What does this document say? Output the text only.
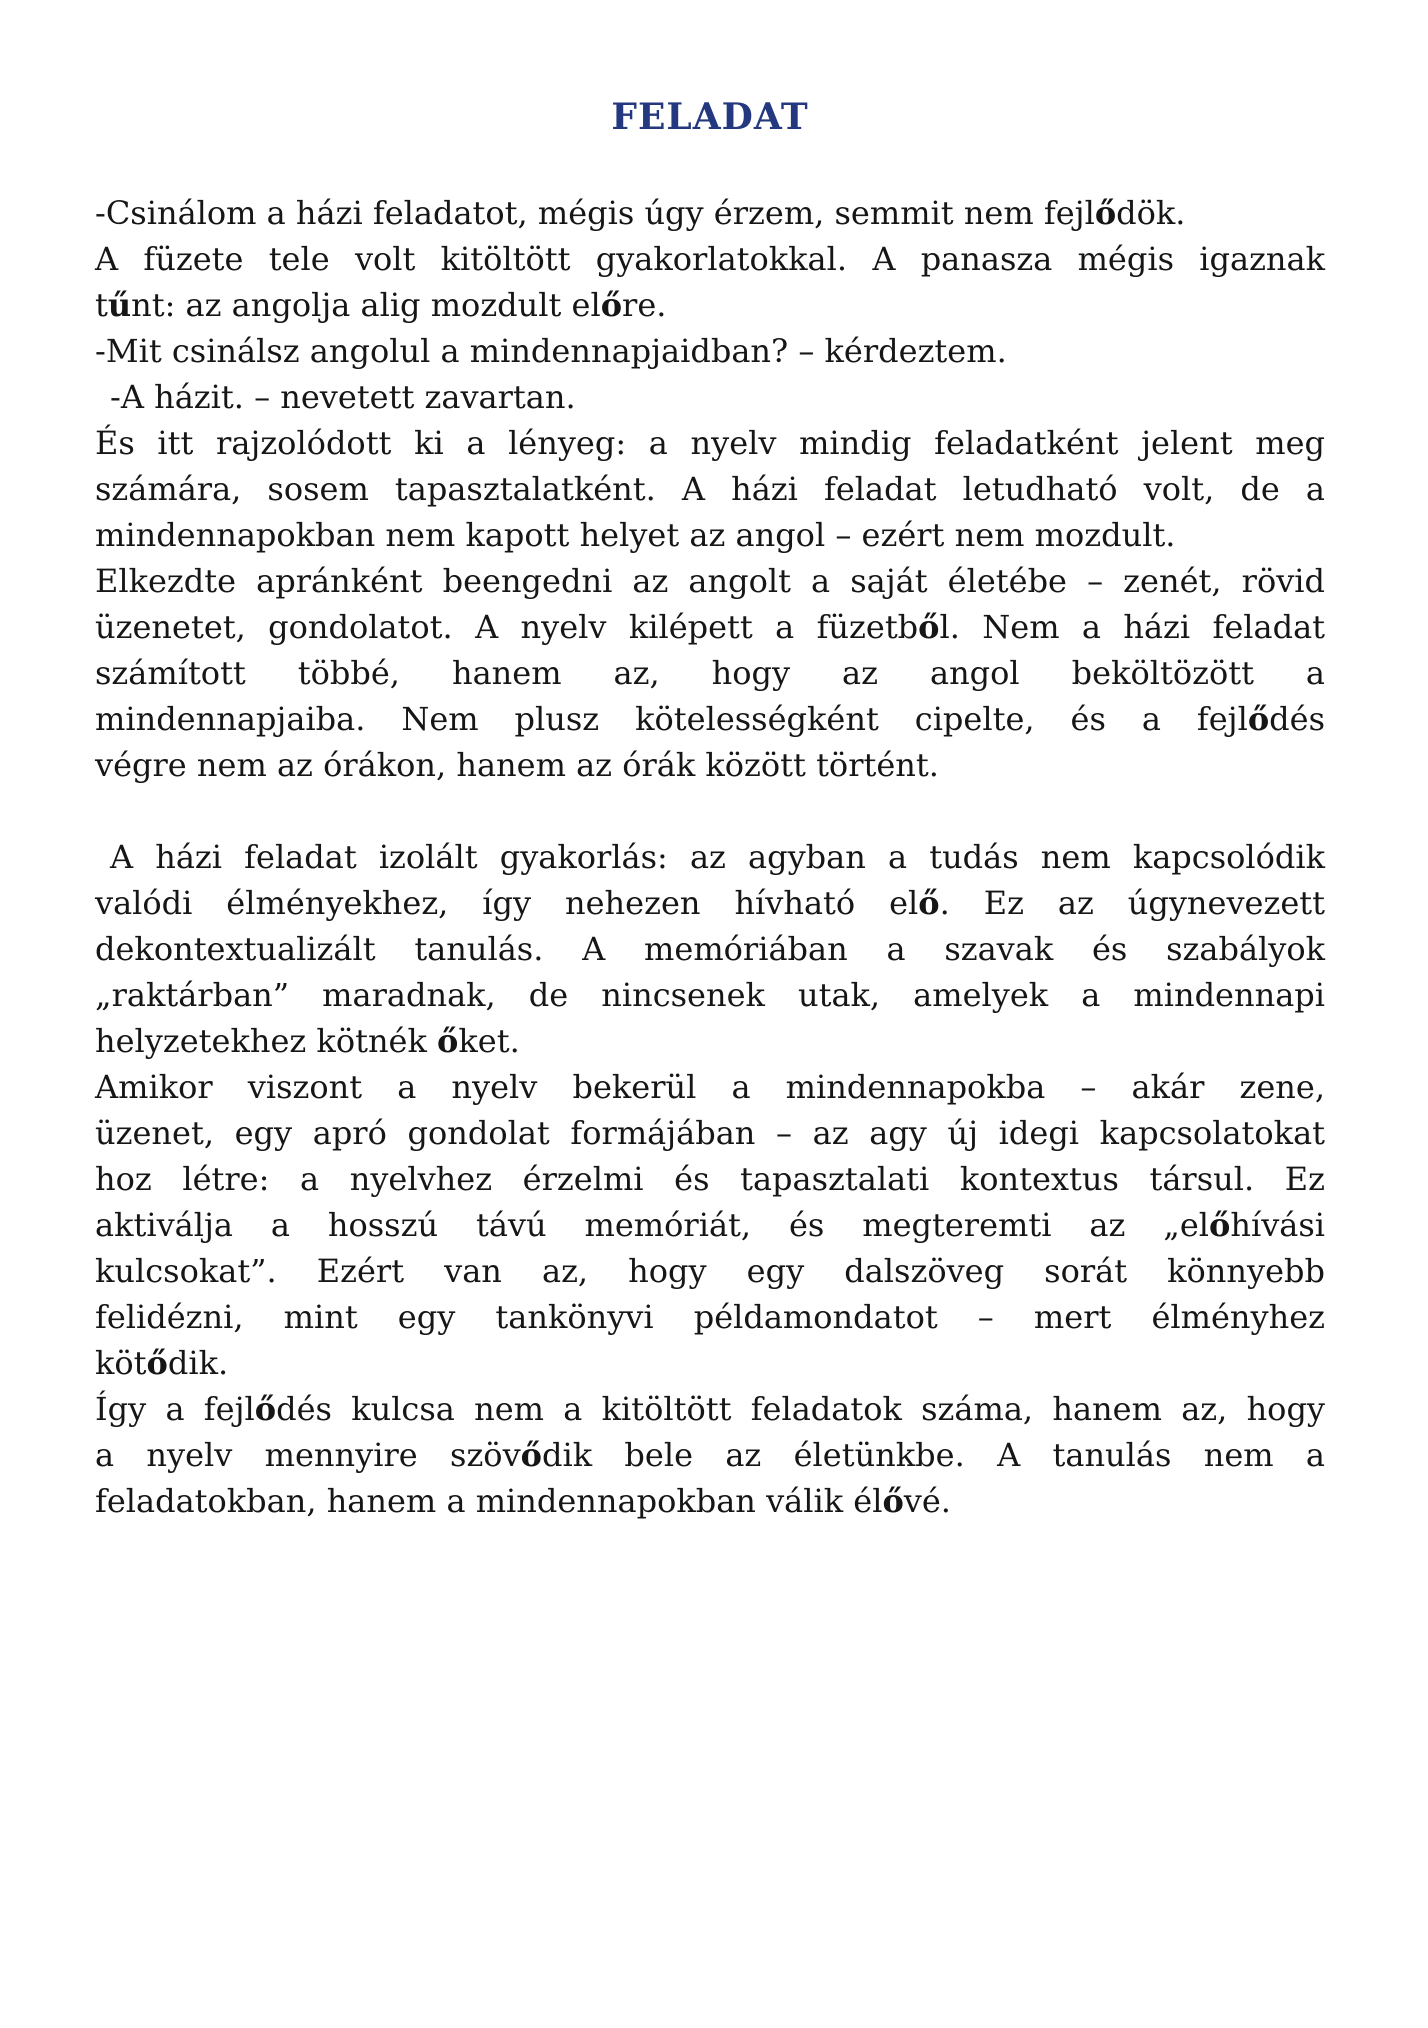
FELADAT
-Csinálom a házi feladatot, mégis úgy érzem, semmit nem fejlődök.
A füzete tele volt kitöltött gyakorlatokkal. A panasza mégis igaznak
tűnt: az angolja alig mozdult előre.
-Mit csinálsz angolul a mindennapjaidban? – kérdeztem.
-A házit. – nevetett zavartan.
És itt rajzolódott ki a lényeg: a nyelv mindig feladatként jelent meg
számára, sosem tapasztalatként. A házi feladat letudható volt, de a
mindennapokban nem kapott helyet az angol – ezért nem mozdult.
Elkezdte apránként beengedni az angolt a saját életébe – zenét, rövid
üzenetet, gondolatot. A nyelv kilépett a füzetből. Nem a házi feladat
számított többé, hanem az, hogy az angol beköltözött a
mindennapjaiba. Nem plusz kötelességként cipelte, és a fejlődés
végre nem az órákon, hanem az órák között történt.
A házi feladat izolált gyakorlás: az agyban a tudás nem kapcsolódik
valódi élményekhez, így nehezen hívható elő. Ez az úgynevezett
dekontextualizált tanulás. A memóriában a szavak és szabályok
„raktárban” maradnak, de nincsenek utak, amelyek a mindennapi
helyzetekhez kötnék őket.
Amikor viszont a nyelv bekerül a mindennapokba – akár zene,
üzenet, egy apró gondolat formájában – az agy új idegi kapcsolatokat
hoz létre: a nyelvhez érzelmi és tapasztalati kontextus társul. Ez
aktiválja a hosszú távú memóriát, és megteremti az „előhívási
kulcsokat”. Ezért van az, hogy egy dalszöveg sorát könnyebb
felidézni, mint egy tankönyvi példamondatot – mert élményhez
kötődik.
Így a fejlődés kulcsa nem a kitöltött feladatok száma, hanem az, hogy
a nyelv mennyire szövődik bele az életünkbe. A tanulás nem a
feladatokban, hanem a mindennapokban válik élővé.
